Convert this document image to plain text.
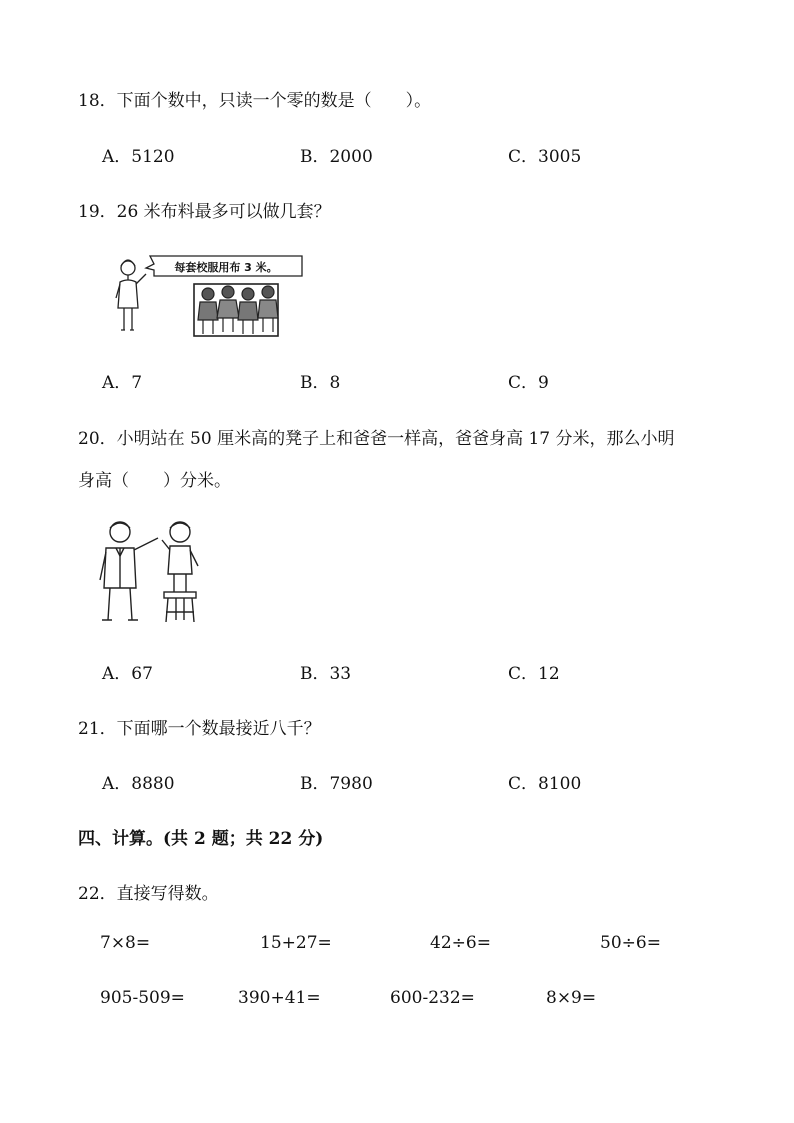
18．下面个数中，只读一个零的数是（　　）。
A．5120	B．2000	C．3005
19．26 米布料最多可以做几套？
每套校服用布 3 米。
A．7	B．8	C．9
20．小明站在 50 厘米高的凳子上和爸爸一样高，爸爸身高 17 分米，那么小明
身高（　　）分米。
A．67	B．33	C．12
21．下面哪一个数最接近八千？
A．8880	B．7980	C．8100
四、计算。(共 2 题；共 22 分)
22．直接写得数。
7×8=	15+27=	42÷6=	50÷6=
905-509=	390+41=	600-232=	8×9=
